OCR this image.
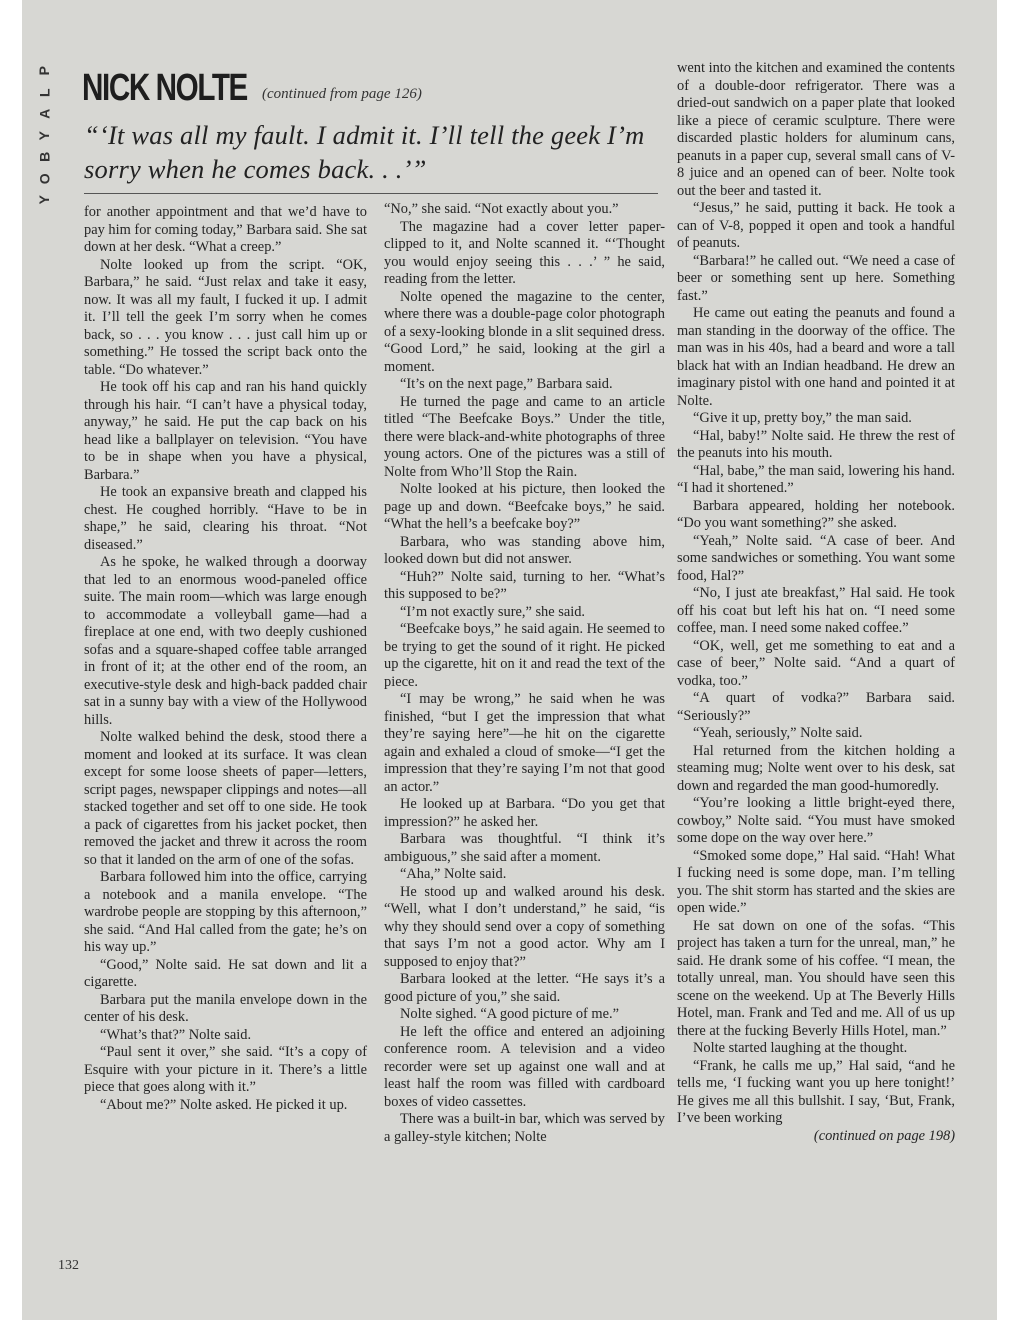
P
L
A
Y
B
O
Y
NICK NOLTE (continued from page 126)
“‘It was all my fault. I admit it. I’ll tell the geek I’m sorry when he comes back. . .’”

for another appointment and that we’d have to pay him for coming today,” Barbara said. She sat down at her desk. “What a creep.”

Nolte looked up from the script. “OK, Barbara,” he said. “Just relax and take it easy, now. It was all my fault, I fucked it up. I admit it. I’ll tell the geek I’m sorry when he comes back, so . . . you know . . . just call him up or something.” He tossed the script back onto the table. “Do whatever.”

He took off his cap and ran his hand quickly through his hair. “I can’t have a physical today, anyway,” he said. He put the cap back on his head like a ballplayer on television. “You have to be in shape when you have a physical, Barbara.”

He took an expansive breath and clapped his chest. He coughed horribly. “Have to be in shape,” he said, clearing his throat. “Not diseased.”

As he spoke, he walked through a doorway that led to an enormous wood-paneled office suite. The main room—which was large enough to accommodate a volleyball game—had a fireplace at one end, with two deeply cushioned sofas and a square-shaped coffee table arranged in front of it; at the other end of the room, an executive-style desk and high-back padded chair sat in a sunny bay with a view of the Hollywood hills.

Nolte walked behind the desk, stood there a moment and looked at its surface. It was clean except for some loose sheets of paper—letters, script pages, newspaper clippings and notes—all stacked together and set off to one side. He took a pack of cigarettes from his jacket pocket, then removed the jacket and threw it across the room so that it landed on the arm of one of the sofas.

Barbara followed him into the office, carrying a notebook and a manila envelope. “The wardrobe people are stopping by this afternoon,” she said. “And Hal called from the gate; he’s on his way up.”

“Good,” Nolte said. He sat down and lit a cigarette.

Barbara put the manila envelope down in the center of his desk.

“What’s that?” Nolte said.

“Paul sent it over,” she said. “It’s a copy of Esquire with your picture in it. There’s a little piece that goes along with it.”

“About me?” Nolte asked. He picked it up.

“No,” she said. “Not exactly about you.”

The magazine had a cover letter paper-clipped to it, and Nolte scanned it. “‘Thought you would enjoy seeing this . . .’ ” he said, reading from the letter.

Nolte opened the magazine to the center, where there was a double-page color photograph of a sexy-looking blonde in a slit sequined dress. “Good Lord,” he said, looking at the girl a moment.

“It’s on the next page,” Barbara said.

He turned the page and came to an article titled “The Beefcake Boys.” Under the title, there were black-and-white photographs of three young actors. One of the pictures was a still of Nolte from Who’ll Stop the Rain.

Nolte looked at his picture, then looked the page up and down. “Beefcake boys,” he said. “What the hell’s a beefcake boy?”

Barbara, who was standing above him, looked down but did not answer.

“Huh?” Nolte said, turning to her. “What’s this supposed to be?”

“I’m not exactly sure,” she said.

“Beefcake boys,” he said again. He seemed to be trying to get the sound of it right. He picked up the cigarette, hit on it and read the text of the piece.

“I may be wrong,” he said when he was finished, “but I get the impression that what they’re saying here”—he hit on the cigarette again and exhaled a cloud of smoke—“I get the impression that they’re saying I’m not that good an actor.”

He looked up at Barbara. “Do you get that impression?” he asked her.

Barbara was thoughtful. “I think it’s ambiguous,” she said after a moment.

“Aha,” Nolte said.

He stood up and walked around his desk. “Well, what I don’t understand,” he said, “is why they should send over a copy of something that says I’m not a good actor. Why am I supposed to enjoy that?”

Barbara looked at the letter. “He says it’s a good picture of you,” she said.

Nolte sighed. “A good picture of me.”

He left the office and entered an adjoining conference room. A television and a video recorder were set up against one wall and at least half the room was filled with cardboard boxes of video cassettes.

There was a built-in bar, which was served by a galley-style kitchen; Nolte

went into the kitchen and examined the contents of a double-door refrigerator. There was a dried-out sandwich on a paper plate that looked like a piece of ceramic sculpture. There were discarded plastic holders for aluminum cans, peanuts in a paper cup, several small cans of V-8 juice and an opened can of beer. Nolte took out the beer and tasted it.

“Jesus,” he said, putting it back. He took a can of V-8, popped it open and took a handful of peanuts.

“Barbara!” he called out. “We need a case of beer or something sent up here. Something fast.”

He came out eating the peanuts and found a man standing in the doorway of the office. The man was in his 40s, had a beard and wore a tall black hat with an Indian headband. He drew an imaginary pistol with one hand and pointed it at Nolte.

“Give it up, pretty boy,” the man said.

“Hal, baby!” Nolte said. He threw the rest of the peanuts into his mouth.

“Hal, babe,” the man said, lowering his hand. “I had it shortened.”

Barbara appeared, holding her notebook. “Do you want something?” she asked.

“Yeah,” Nolte said. “A case of beer. And some sandwiches or something. You want some food, Hal?”

“No, I just ate breakfast,” Hal said. He took off his coat but left his hat on. “I need some coffee, man. I need some naked coffee.”

“OK, well, get me something to eat and a case of beer,” Nolte said. “And a quart of vodka, too.”

“A quart of vodka?” Barbara said. “Seriously?”

“Yeah, seriously,” Nolte said.

Hal returned from the kitchen holding a steaming mug; Nolte went over to his desk, sat down and regarded the man good-humoredly.

“You’re looking a little bright-eyed there, cowboy,” Nolte said. “You must have smoked some dope on the way over here.”

“Smoked some dope,” Hal said. “Hah! What I fucking need is some dope, man. I’m telling you. The shit storm has started and the skies are open wide.”

He sat down on one of the sofas. “This project has taken a turn for the unreal, man,” he said. He drank some of his coffee. “I mean, the totally unreal, man. You should have seen this scene on the weekend. Up at The Beverly Hills Hotel, man. Frank and Ted and me. All of us up there at the fucking Beverly Hills Hotel, man.”

Nolte started laughing at the thought.

“Frank, he calls me up,” Hal said, “and he tells me, ‘I fucking want you up here tonight!’ He gives me all this bullshit. I say, ‘But, Frank, I’ve been working

(continued on page 198)

132
